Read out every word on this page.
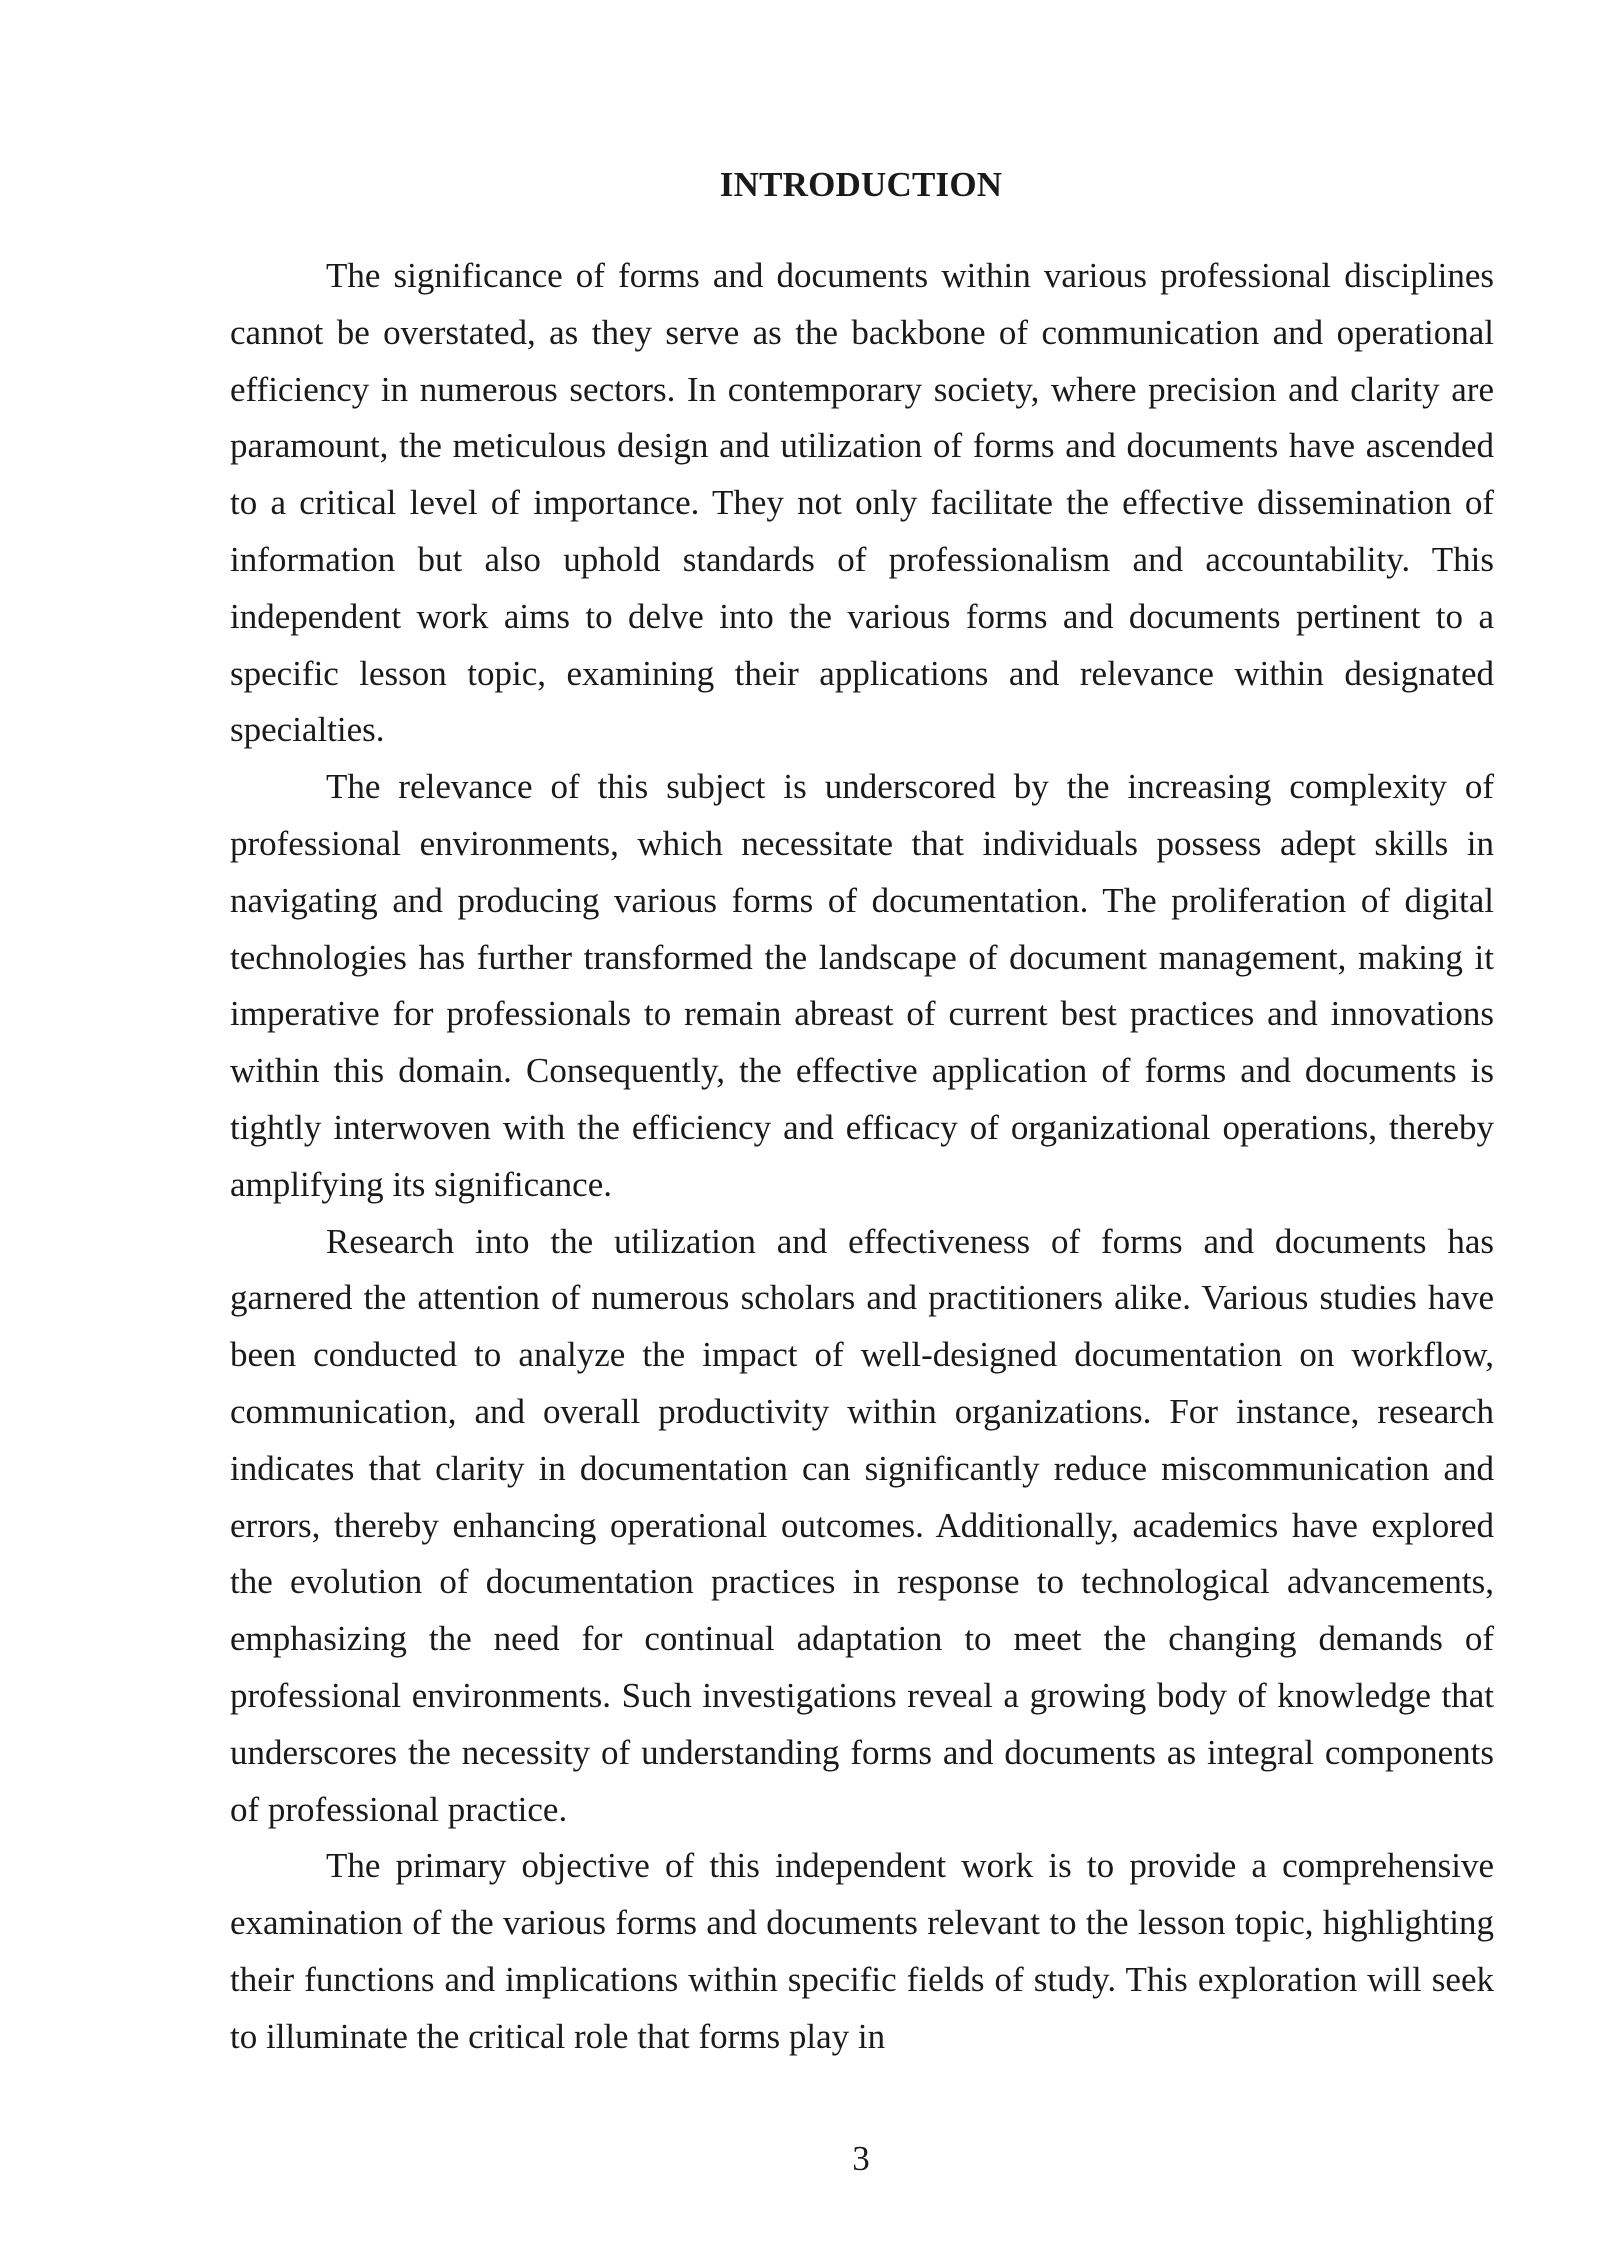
INTRODUCTION

The significance of forms and documents within various professional disciplines cannot be overstated, as they serve as the backbone of communication and operational efficiency in numerous sectors. In contemporary society, where precision and clarity are paramount, the meticulous design and utilization of forms and documents have ascended to a critical level of importance. They not only facilitate the effective dissemination of information but also uphold standards of professionalism and accountability. This independent work aims to delve into the various forms and documents pertinent to a specific lesson topic, examining their applications and relevance within designated specialties.

The relevance of this subject is underscored by the increasing complexity of professional environments, which necessitate that individuals possess adept skills in navigating and producing various forms of documentation. The proliferation of digital technologies has further transformed the landscape of document management, making it imperative for professionals to remain abreast of current best practices and innovations within this domain. Consequently, the effective application of forms and documents is tightly interwoven with the efficiency and efficacy of organizational operations, thereby amplifying its significance.

Research into the utilization and effectiveness of forms and documents has garnered the attention of numerous scholars and practitioners alike. Various studies have been conducted to analyze the impact of well-designed documentation on workflow, communication, and overall productivity within organizations. For instance, research indicates that clarity in documentation can significantly reduce miscommunication and errors, thereby enhancing operational outcomes. Additionally, academics have explored the evolution of documentation practices in response to technological advancements, emphasizing the need for continual adaptation to meet the changing demands of professional environments. Such investigations reveal a growing body of knowledge that underscores the necessity of understanding forms and documents as integral components of professional practice.

The primary objective of this independent work is to provide a comprehensive examination of the various forms and documents relevant to the lesson topic, highlighting their functions and implications within specific fields of study. This exploration will seek to illuminate the critical role that forms play in

3
